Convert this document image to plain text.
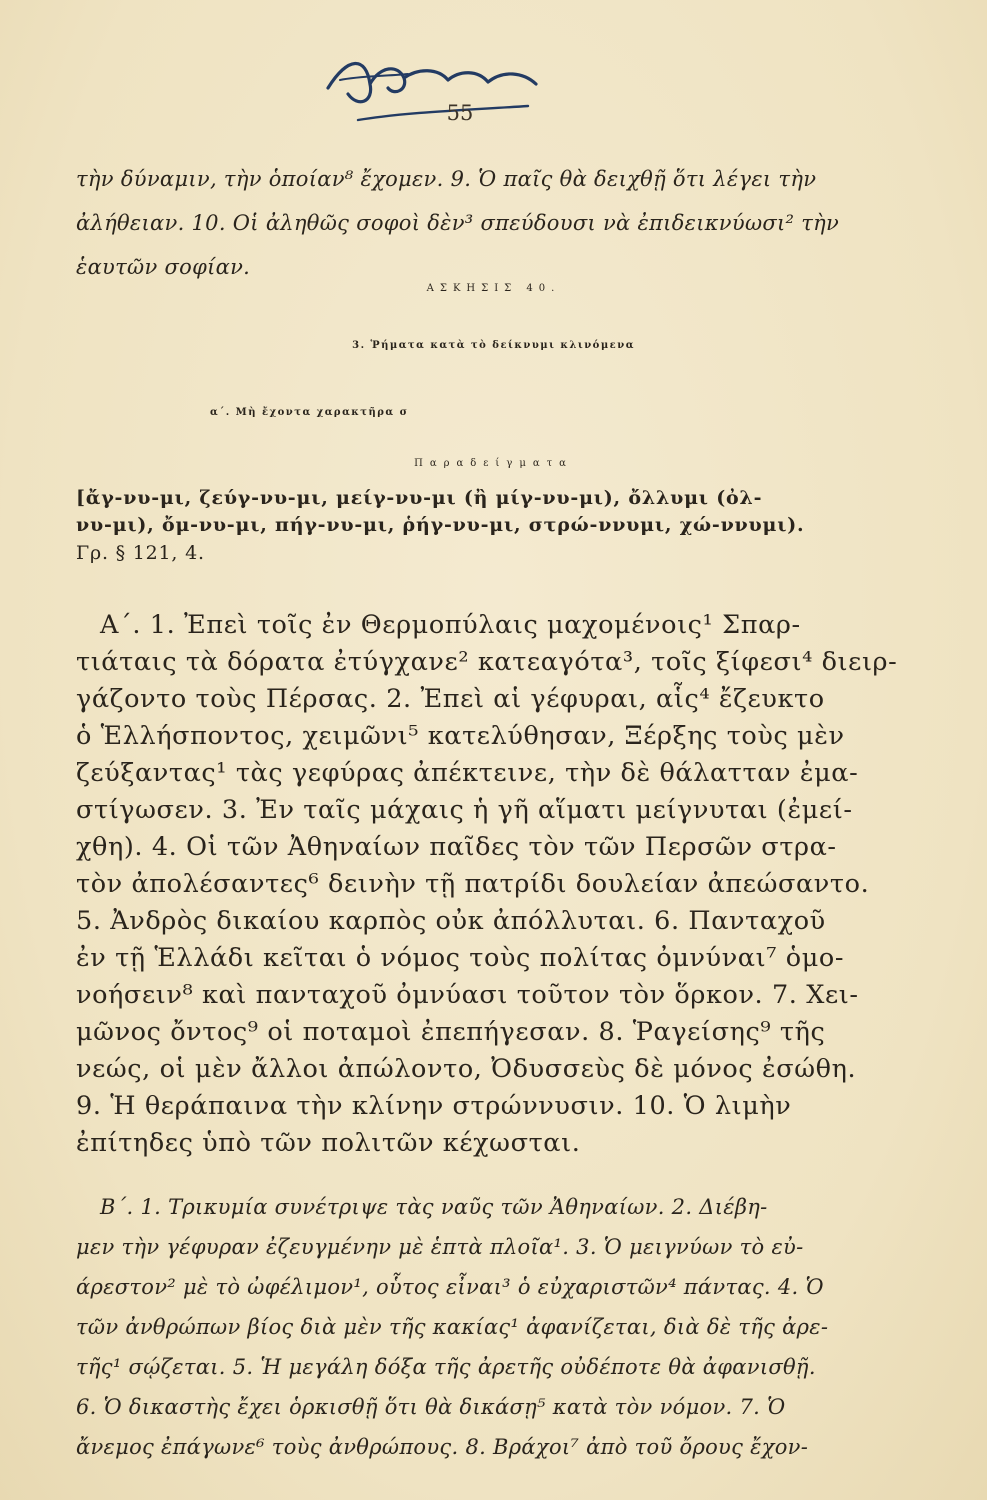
55
τὴν δύναμιν, τὴν ὁποίαν⁸ ἔχομεν. 9. Ὁ παῖς θὰ δειχθῇ ὅτι λέγει τὴν
ἀλήθειαν. 10. Οἱ ἀληθῶς σοφοὶ δὲν³ σπεύδουσι νὰ ἐπιδεικνύωσι² τὴν
ἑαυτῶν σοφίαν.
ΑΣΚΗΣΙΣ 40.
3. Ῥήματα κατὰ τὸ δείκνυμι κλινόμενα
α΄. Μὴ ἔχοντα χαρακτῆρα σ
Παραδείγματα
[ἄγ-νυ-μι, ζεύγ-νυ-μι, μείγ-νυ-μι (ἢ μίγ-νυ-μι), ὄλλυμι (ὀλ-
νυ-μι), ὄμ-νυ-μι, πήγ-νυ-μι, ῥήγ-νυ-μι, στρώ-ννυμι, χώ-ννυμι).
Γρ. § 121, 4.
Α΄. 1. Ἐπεὶ τοῖς ἐν Θερμοπύλαις μαχομένοις¹ Σπαρ-
τιάταις τὰ δόρατα ἐτύγχανε² κατεαγότα³, τοῖς ξίφεσι⁴ διειρ-
γάζοντο τοὺς Πέρσας. 2. Ἐπεὶ αἱ γέφυραι, αἷς⁴ ἔζευκτο
ὁ Ἑλλήσποντος, χειμῶνι⁵ κατελύθησαν, Ξέρξης τοὺς μὲν
ζεύξαντας¹ τὰς γεφύρας ἀπέκτεινε, τὴν δὲ θάλατταν ἐμα-
στίγωσεν. 3. Ἐν ταῖς μάχαις ἡ γῆ αἵματι μείγνυται (ἐμεί-
χθη). 4. Οἱ τῶν Ἀθηναίων παῖδες τὸν τῶν Περσῶν στρα-
τὸν ἀπολέσαντες⁶ δεινὴν τῇ πατρίδι δουλείαν ἀπεώσαντο.
5. Ἀνδρὸς δικαίου καρπὸς οὐκ ἀπόλλυται. 6. Πανταχοῦ
ἐν τῇ Ἑλλάδι κεῖται ὁ νόμος τοὺς πολίτας ὀμνύναι⁷ ὁμο-
νοήσειν⁸ καὶ πανταχοῦ ὀμνύασι τοῦτον τὸν ὅρκον. 7. Χει-
μῶνος ὄντος⁹ οἱ ποταμοὶ ἐπεπήγεσαν. 8. Ῥαγείσης⁹ τῆς
νεώς, οἱ μὲν ἄλλοι ἀπώλοντο, Ὀδυσσεὺς δὲ μόνος ἐσώθη.
9. Ἡ θεράπαινα τὴν κλίνην στρώννυσιν. 10. Ὁ λιμὴν
ἐπίτηδες ὑπὸ τῶν πολιτῶν κέχωσται.
Β΄. 1. Τρικυμία συνέτριψε τὰς ναῦς τῶν Ἀθηναίων. 2. Διέβη-
μεν τὴν γέφυραν ἐζευγμένην μὲ ἑπτὰ πλοῖα¹. 3. Ὁ μειγνύων τὸ εὐ-
άρεστον² μὲ τὸ ὠφέλιμον¹, οὗτος εἶναι³ ὁ εὐχαριστῶν⁴ πάντας. 4. Ὁ
τῶν ἀνθρώπων βίος διὰ μὲν τῆς κακίας¹ ἀφανίζεται, διὰ δὲ τῆς ἀρε-
τῆς¹ σῴζεται. 5. Ἡ μεγάλη δόξα τῆς ἀρετῆς οὐδέποτε θὰ ἀφανισθῇ.
6. Ὁ δικαστὴς ἔχει ὁρκισθῇ ὅτι θὰ δικάσῃ⁵ κατὰ τὸν νόμον. 7. Ὁ
ἄνεμος ἐπάγωνε⁶ τοὺς ἀνθρώπους. 8. Βράχοι⁷ ἀπὸ τοῦ ὄρους ἔχον-
